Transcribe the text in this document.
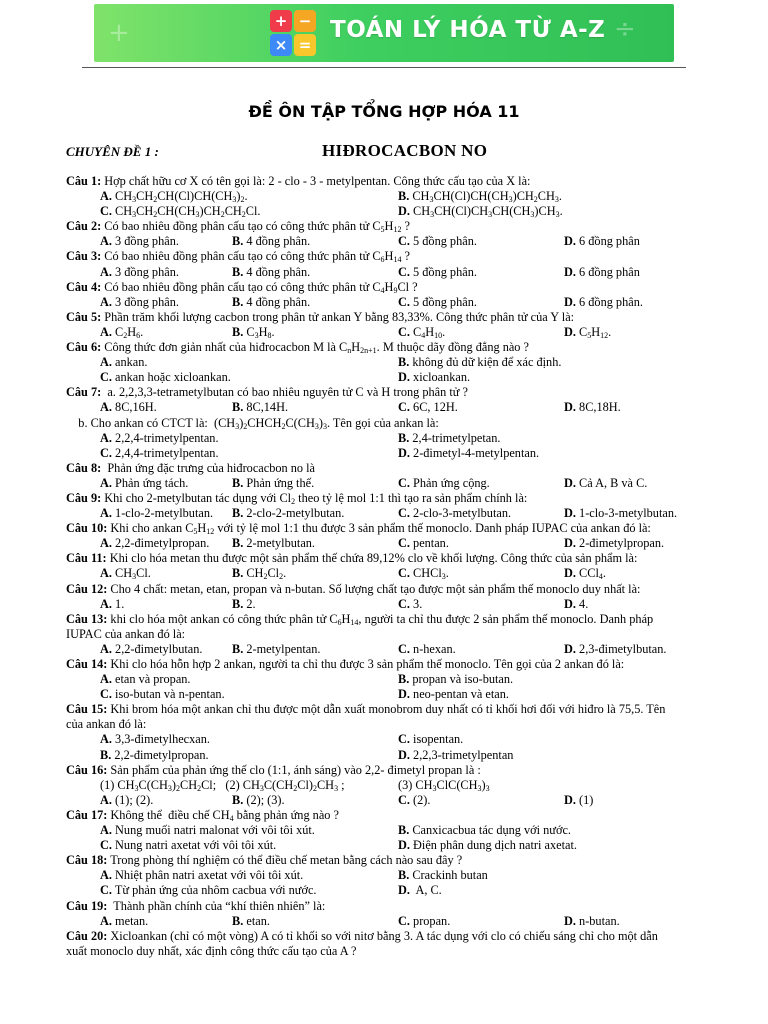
+	÷
+ −
× =
TOÁN LÝ HÓA TỪ A-Z
ĐỀ ÔN TẬP TỔNG HỢP HÓA 11
CHUYÊN ĐỀ 1 :	HIĐROCACBON NO
Câu 1: Hợp chất hữu cơ X có tên gọi là: 2 - clo - 3 - metylpentan. Công thức cấu tạo của X là:
A. $CH_3CH_2CH(Cl)CH(CH_3)_2$.	B. $CH_3CH(Cl)CH(CH_3)CH_2CH_3$.
C. $CH_3CH_2CH(CH_3)CH_2CH_2Cl$.	D. $CH_3CH(Cl)CH_3CH(CH_3)CH_3$.
Câu 2: Có bao nhiêu đồng phân cấu tạo có công thức phân tử $C_5H_{12}$ ?
A. 3 đồng phân.	B. 4 đồng phân.	C. 5 đồng phân.	D. 6 đồng phân
Câu 3: Có bao nhiêu đồng phân cấu tạo có công thức phân tử $C_6H_{14}$ ?
A. 3 đồng phân.	B. 4 đồng phân.	C. 5 đồng phân.	D. 6 đồng phân
Câu 4: Có bao nhiêu đồng phân cấu tạo có công thức phân tử $C_4H_9Cl$ ?
A. 3 đồng phân.	B. 4 đồng phân.	C. 5 đồng phân.	D. 6 đồng phân.
Câu 5: Phần trăm khối lượng cacbon trong phân tử ankan Y bằng 83,33%. Công thức phân tử của Y là:
A. $C_2H_6$.	B. $C_3H_8$.	C. $C_4H_{10}$.	D. $C_5H_{12}$.
Câu 6: Công thức đơn giản nhất của hiđrocacbon M là $C_nH_{2n+1}$. M thuộc dãy đồng đẳng nào ?
A. ankan.	B. không đủ dữ kiện để xác định.
C. ankan hoặc xicloankan.	D. xicloankan.
Câu 7:  a. 2,2,3,3-tetrametylbutan có bao nhiêu nguyên tử C và H trong phân tử ?
A. 8C,16H.	B. 8C,14H.	C. 6C, 12H.	D. 8C,18H.
b. Cho ankan có CTCT là:  $(CH_3)_2CHCH_2C(CH_3)_3$. Tên gọi của ankan là:
A. 2,2,4-trimetylpentan.	B. 2,4-trimetylpetan.
C. 2,4,4-trimetylpentan.	D. 2-đimetyl-4-metylpentan.
Câu 8:  Phản ứng đặc trưng của hiđrocacbon no là
A. Phản ứng tách.	B. Phản ứng thế.	C. Phản ứng cộng.	D. Cả A, B và C.
Câu 9: Khi cho 2-metylbutan tác dụng với $Cl_2$ theo tỷ lệ mol 1:1 thì tạo ra sản phẩm chính là:
A. 1-clo-2-metylbutan. B. 2-clo-2-metylbutan.	C. 2-clo-3-metylbutan.	D. 1-clo-3-metylbutan.
Câu 10: Khi cho ankan $C_5H_{12}$ với tỷ lệ mol 1:1 thu được 3 sản phẩm thế monoclo. Danh pháp IUPAC của ankan đó là:
A. 2,2-đimetylpropan. B. 2-metylbutan.	C. pentan.	D. 2-đimetylpropan.
Câu 11: Khi clo hóa metan thu được một sản phẩm thế chứa 89,12% clo về khối lượng. Công thức của sản phẩm là:
A. $CH_3Cl$.	B. $CH_2Cl_2$.	C. CHCl$_3$.	D. CCl$_4$.
Câu 12: Cho 4 chất: metan, etan, propan và n-butan. Số lượng chất tạo được một sản phẩm thế monoclo duy nhất là:
A. 1.	B. 2.	C. 3.	D. 4.
Câu 13: khi clo hóa một ankan có công thức phân tử $C_6H_{14}$, người ta chỉ thu được 2 sản phẩm thế monoclo. Danh pháp
IUPAC của ankan đó là:
A. 2,2-đimetylbutan. B. 2-metylpentan.	C. n-hexan.	D. 2,3-đimetylbutan.
Câu 14: Khi clo hóa hỗn hợp 2 ankan, người ta chỉ thu được 3 sản phẩm thế monoclo. Tên gọi của 2 ankan đó là:
A. etan và propan.	B. propan và iso-butan.
C. iso-butan và n-pentan.	D. neo-pentan và etan.
Câu 15: Khi brom hóa một ankan chỉ thu được một dẫn xuất monobrom duy nhất có tỉ khối hơi đối với hiđro là 75,5. Tên
của ankan đó là:
A. 3,3-đimetylhecxan.	C. isopentan.
B. 2,2-đimetylpropan.	D. 2,2,3-trimetylpentan
Câu 16: Sản phẩm của phản ứng thế clo (1:1, ánh sáng) vào 2,2- đimetyl propan là :
(1) $CH_3C(CH_3)_2CH_2Cl$;   (2) $CH_3C(CH_2Cl)_2CH_3$ ;	(3) $CH_3ClC(CH_3)_3$
A. (1); (2).	B. (2); (3).	C. (2).	D. (1)
Câu 17: Không thể  điều chế $CH_4$ bằng phản ứng nào ?
A. Nung muối natri malonat với vôi tôi xút.	B. Canxicacbua tác dụng với nước.
C. Nung natri axetat với vôi tôi xút.	D. Điện phân dung dịch natri axetat.
Câu 18: Trong phòng thí nghiệm có thể điều chế metan bằng cách nào sau đây ?
A. Nhiệt phân natri axetat với vôi tôi xút.	B. Crackinh butan
C. Từ phản ứng của nhôm cacbua với nước.	D.  A, C.
Câu 19:  Thành phần chính của “khí thiên nhiên” là:
A. metan.	B. etan.	C. propan.	D. n-butan.
Câu 20: Xicloankan (chỉ có một vòng) A có tỉ khối so với nitơ bằng 3. A tác dụng với clo có chiếu sáng chỉ cho một dẫn
xuất monoclo duy nhất, xác định công thức cấu tạo của A ?
